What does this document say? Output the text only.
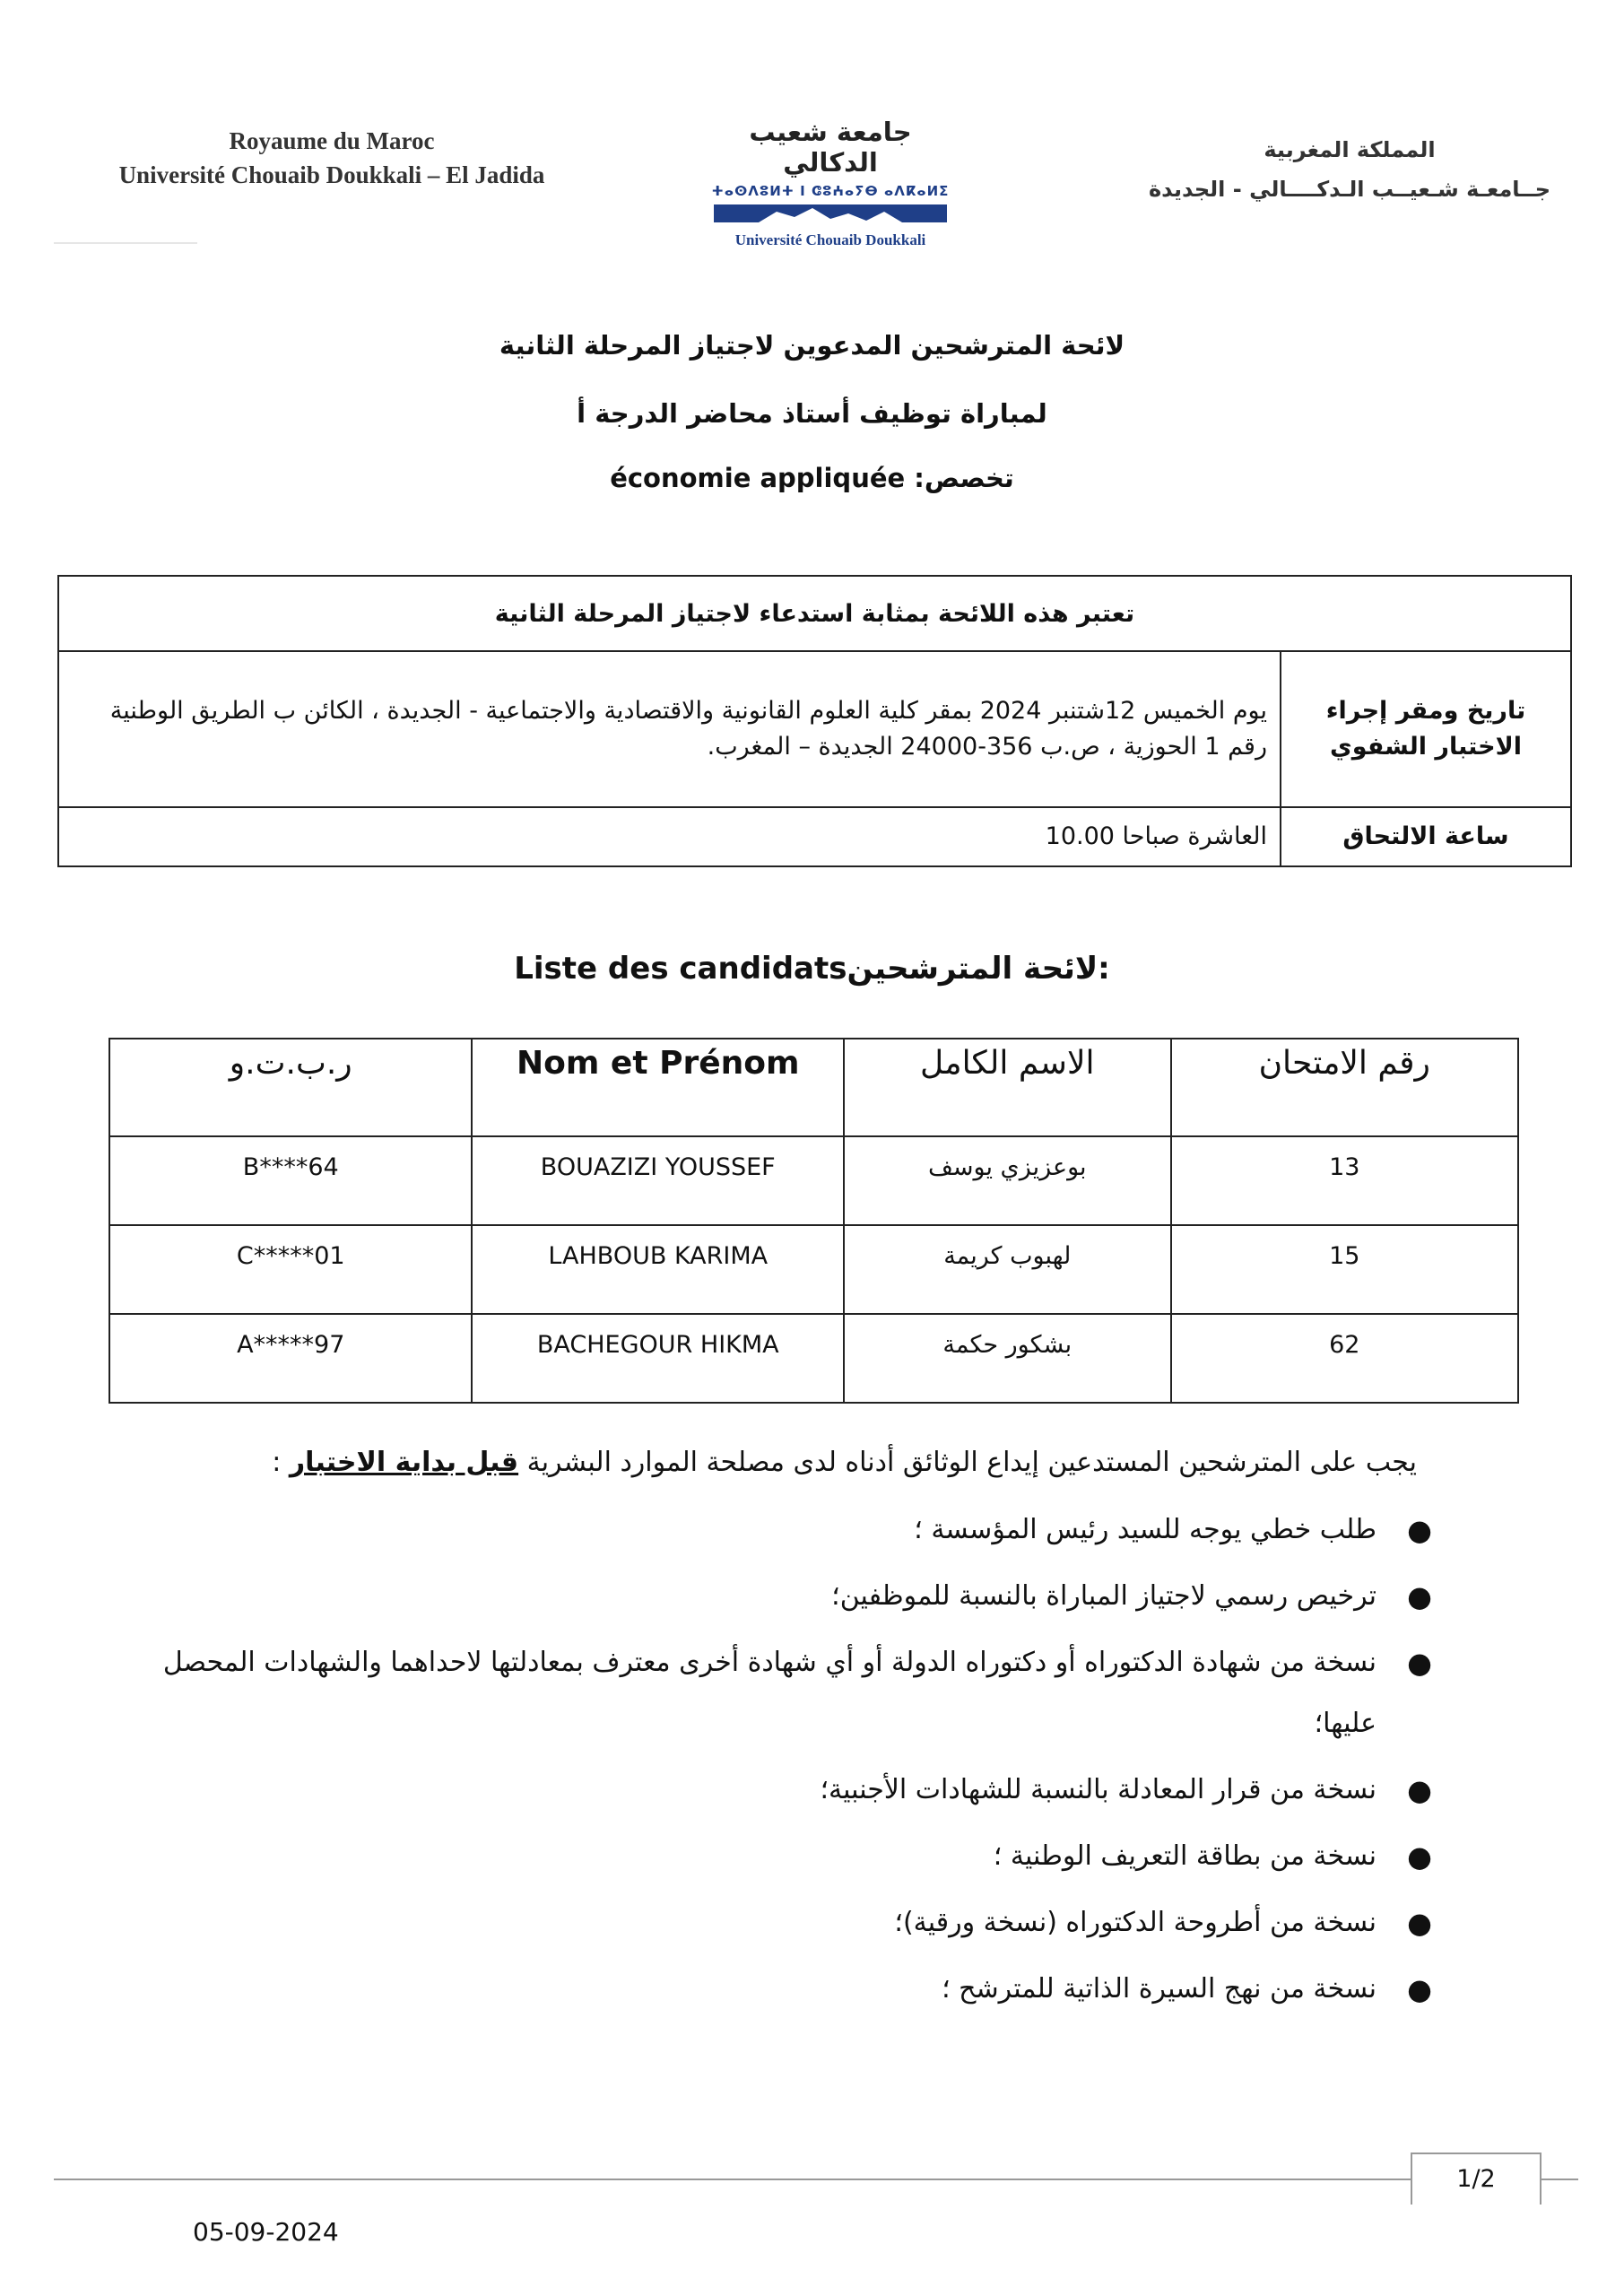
Royaume du Maroc
Université Chouaib Doukkali – El Jadida
جامعة شعيب الدكالي
ⵜⴰⵙⴷⵓⵍⵜ ⵏ ⵛⵓⵄⴰⵢⴱ ⴰⴷⴽⴰⵍⵉ
Université Chouaib Doukkali
المملكة المغربية
جــامعـة شـعيــب الـدكــــالي - الجديدة
لائحة المترشحين المدعوين لاجتياز المرحلة الثانية
لمباراة توظيف أستاذ محاضر الدرجة أ
تخصص: économie appliquée
تعتبر هذه اللائحة بمثابة استدعاء لاجتياز المرحلة الثانية	
يوم الخميس 12شتنبر 2024 بمقر كلية العلوم القانونية والاقتصادية والاجتماعية - الجديدة ، الكائن ب الطريق الوطنية رقم 1 الحوزية ، ص.ب 356-24000 الجديدة – المغرب.	تاريخ ومقر إجراء الاختبار الشفوي
العاشرة صباحا 10.00	ساعة الالتحاق
Liste des candidats:لائحة المترشحين
ر.ب.ت.و	Nom et Prénom	الاسم الكامل	رقم الامتحان
B****64	BOUAZIZI YOUSSEF	بوعزيزي يوسف	13
C*****01	LAHBOUB KARIMA	لهبوب كريمة	15
A*****97	BACHEGOUR HIKMA	بشكور حكمة	62
يجب على المترشحين المستدعين إيداع الوثائق أدناه لدى مصلحة الموارد البشرية قبل بداية الاختبار :
●
طلب خطي يوجه للسيد رئيس المؤسسة ؛
●
ترخيص رسمي لاجتياز المباراة بالنسبة للموظفين؛
●
نسخة من شهادة الدكتوراه أو دكتوراه الدولة أو أي شهادة أخرى معترف بمعادلتها لاحداهما والشهادات المحصل عليها؛
●
نسخة من قرار المعادلة بالنسبة للشهادات الأجنبية؛
●
نسخة من بطاقة التعريف الوطنية ؛
●
نسخة من أطروحة الدكتوراه (نسخة ورقية)؛
●
نسخة من نهج السيرة الذاتية للمترشح ؛
1/2
05-09-2024
